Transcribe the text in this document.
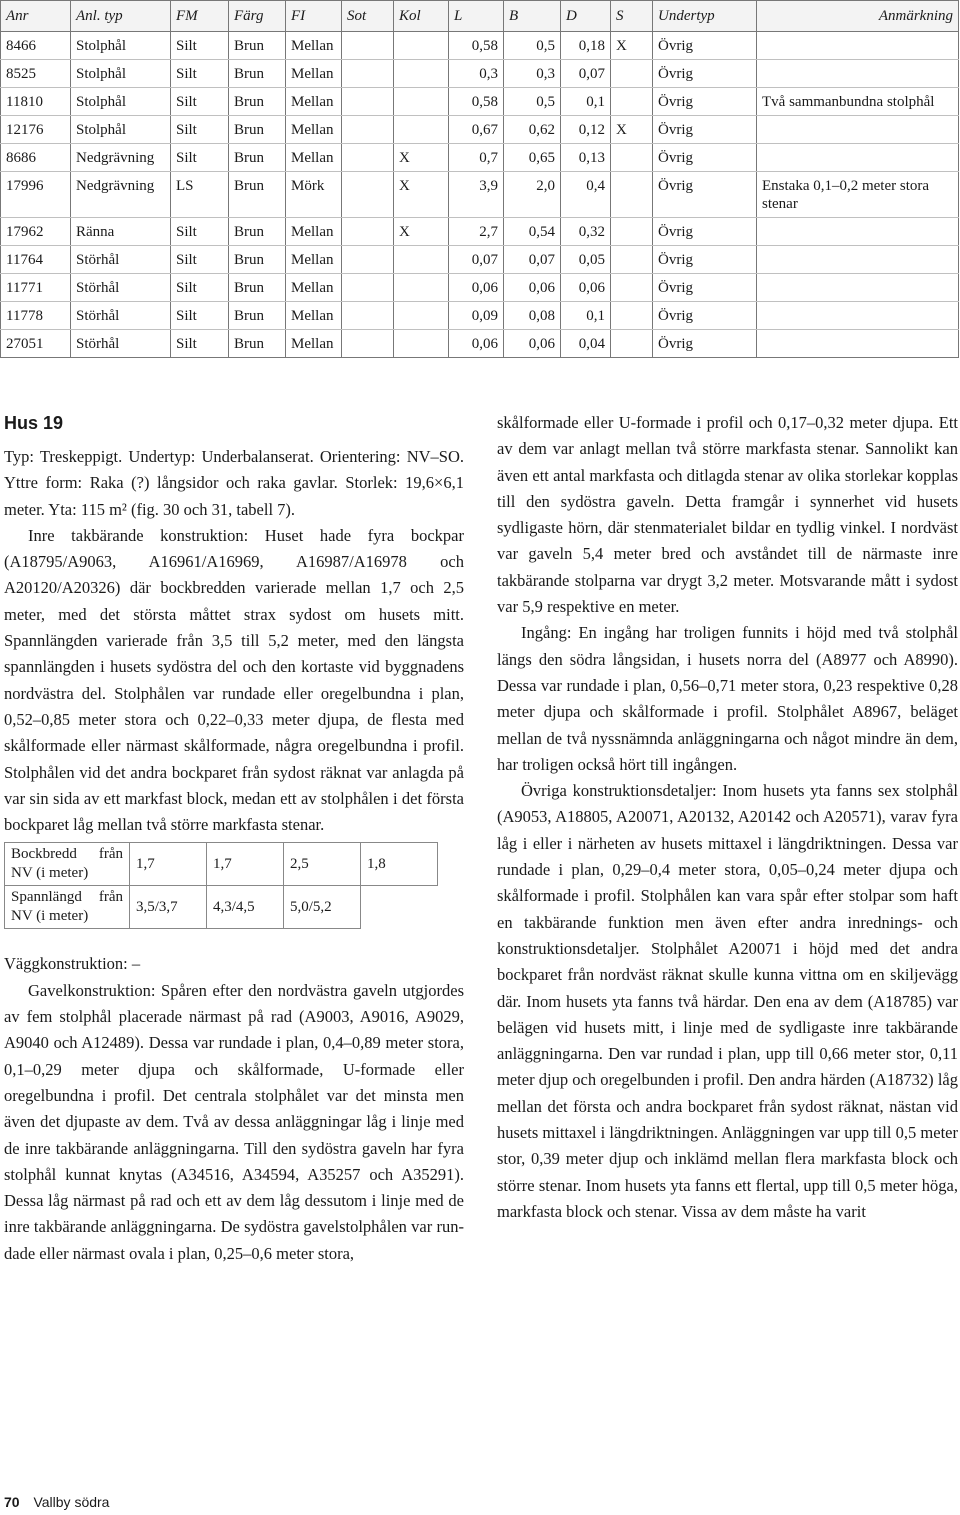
Anr	Anl. typ	FM	Färg	FI	Sot	Kol	L	B	D	S	Undertyp	Anmärkning
8466	Stolphål	Silt	Brun	Mellan			0,58	0,5	0,18	X	Övrig	
8525	Stolphål	Silt	Brun	Mellan			0,3	0,3	0,07		Övrig	
11810	Stolphål	Silt	Brun	Mellan			0,58	0,5	0,1		Övrig	Två sammanbundna stolphål
12176	Stolphål	Silt	Brun	Mellan			0,67	0,62	0,12	X	Övrig	
8686	Nedgrävning	Silt	Brun	Mellan		X	0,7	0,65	0,13		Övrig	
17996	Nedgrävning	LS	Brun	Mörk		X	3,9	2,0	0,4		Övrig	Enstaka 0,1–0,2 meter stora stenar
17962	Ränna	Silt	Brun	Mellan		X	2,7	0,54	0,32		Övrig	
11764	Störhål	Silt	Brun	Mellan			0,07	0,07	0,05		Övrig	
11771	Störhål	Silt	Brun	Mellan			0,06	0,06	0,06		Övrig	
11778	Störhål	Silt	Brun	Mellan			0,09	0,08	0,1		Övrig	
27051	Störhål	Silt	Brun	Mellan			0,06	0,06	0,04		Övrig	
Hus 19

Typ: Treskeppigt. Undertyp: Underbalanserat. Orientering: NV–SO. Yttre form: Raka (?) långsidor och raka gavlar. Storlek: 19,6×6,1 meter. Yta: 115 m² (fig. 30 och 31, tabell 7).

Inre takbärande konstruktion: Huset hade fyra bockpar (A18795/A9063, A16961/A16969, A16987/A16978 och A20120/A20326) där bockbredden varierade mellan 1,7 och 2,5 meter, med det största måttet strax sydost om husets mitt. Spannlängden varierade från 3,5 till 5,2 meter, med den längsta spannlängden i husets sydöstra del och den kortaste vid byggnadens nordvästra del. Stolphålen var rundade eller oregelbundna i plan, 0,52–0,85 meter stora och 0,22–0,33 meter djupa, de flesta med skålformade eller närmast skålformade, några oregelbundna i profil. Stolphålen vid det andra bockparet från sydost räknat var anlagda på var sin sida av ett markfast block, medan ett av stolphålen i det första bockparet låg mellan två större markfasta stenar.

Bockbredd från NV (i meter)	1,7	1,7	2,5	1,8
Spannlängd från NV (i meter)	3,5/3,7	4,3/4,5	5,0/5,2	

Väggkonstruktion: –

Gavelkonstruktion: Spåren efter den nordvästra gaveln utgjordes av fem stolphål placerade närmast på rad (A9003, A9016, A9029, A9040 och A12489). Dessa var rundade i plan, 0,4–0,89 meter stora, 0,1–0,29 meter djupa och skålformade, U-formade eller oregelbundna i profil. Det centrala stolphålet var det minsta men även det djupaste av dem. Två av dessa anläggningar låg i linje med de inre takbärande anläggningarna. Till den sydöstra gaveln har fyra stolphål kunnat knytas (A34516, A34594, A35257 och A35291). Dessa låg närmast på rad och ett av dem låg dessutom i linje med de inre takbärande anläggningarna. De sydöstra gavelstolphålen var rundade eller närmast ovala i plan, 0,25–0,6 meter stora,

skålformade eller U-formade i profil och 0,17–0,32 meter djupa. Ett av dem var anlagt mellan två större markfasta stenar. Sannolikt kan även ett antal markfasta och ditlagda stenar av olika storlekar kopplas till den sydöstra gaveln. Detta framgår i synnerhet vid husets sydligaste hörn, där stenmaterialet bildar en tydlig vinkel. I nordväst var gaveln 5,4 meter bred och avståndet till de närmaste inre takbärande stolparna var drygt 3,2 meter. Motsvarande mått i sydost var 5,9 respektive en meter.

Ingång: En ingång har troligen funnits i höjd med två stolphål längs den södra långsidan, i husets norra del (A8977 och A8990). Dessa var rundade i plan, 0,56–0,71 meter stora, 0,23 respektive 0,28 meter djupa och skålformade i profil. Stolphålet A8967, beläget mellan de två nyssnämnda anläggningarna och något mindre än dem, har troligen också hört till ingången.

Övriga konstruktionsdetaljer: Inom husets yta fanns sex stolphål (A9053, A18805, A20071, A20132, A20142 och A20571), varav fyra låg i eller i närheten av husets mittaxel i längdriktningen. Dessa var rundade i plan, 0,29–0,4 meter stora, 0,05–0,24 meter djupa och skålformade i profil. Stolphålen kan vara spår efter stolpar som haft en takbärande funktion men även efter andra inrednings- och konstruktionsdetaljer. Stolphålet A20071 i höjd med det andra bockparet från nordväst räknat skulle kunna vittna om en skiljevägg där. Inom husets yta fanns två härdar. Den ena av dem (A18785) var belägen vid husets mitt, i linje med de sydligaste inre takbärande anläggningarna. Den var rundad i plan, upp till 0,66 meter stor, 0,11 meter djup och oregelbunden i profil. Den andra härden (A18732) låg mellan det första och andra bockparet från sydost räknat, nästan vid husets mittaxel i längdriktningen. Anläggningen var upp till 0,5 meter stor, 0,39 meter djup och inklämd mellan flera markfasta block och större stenar. Inom husets yta fanns ett flertal, upp till 0,5 meter höga, markfasta block och stenar. Vissa av dem måste ha varit

70 Vallby södra
